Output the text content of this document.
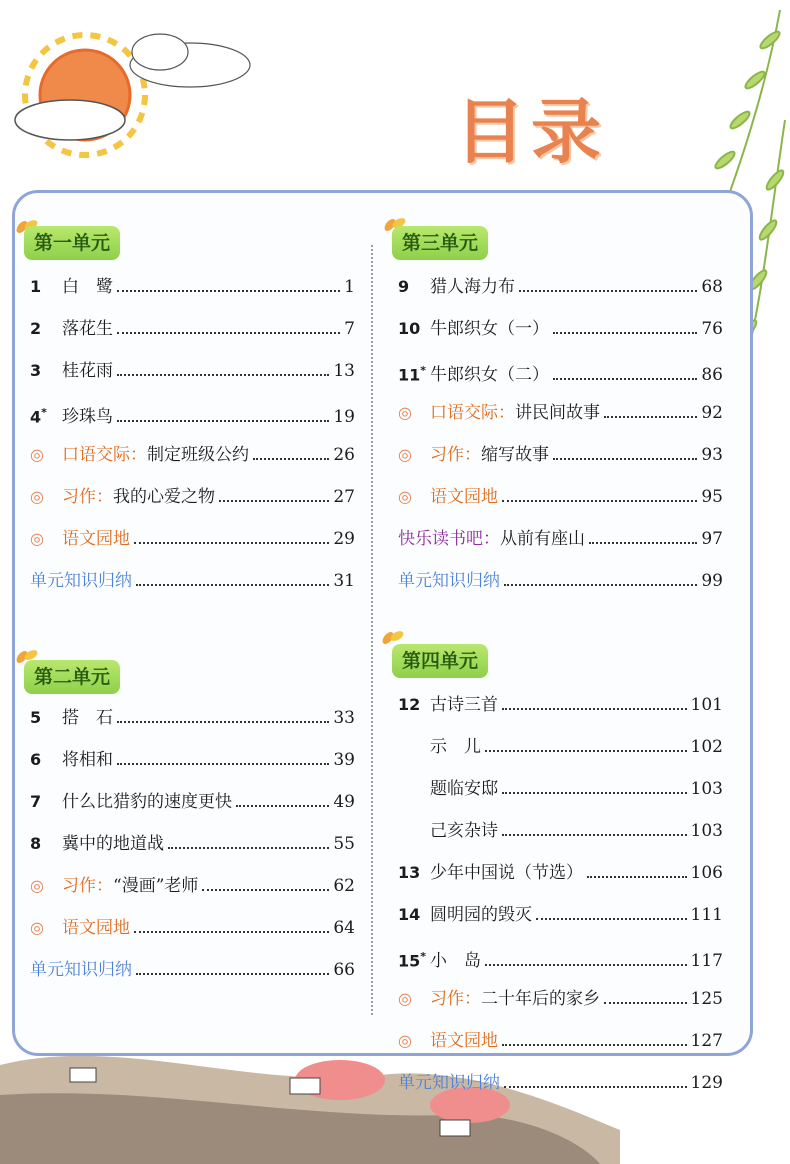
目录
第一单元
第二单元
第三单元
第四单元
1	白　鹭	1
2	落花生	7
3	桂花雨	13
4* 珍珠鸟	19
◎	口语交际： 制定班级公约	26
◎	习作： 我的心爱之物	27
◎	语文园地	29
单元知识归纳	31
5	搭　石	33
6	将相和	39
7	什么比猎豹的速度更快	49
8	冀中的地道战	55
◎	习作： “漫画”老师	62
◎	语文园地	64
单元知识归纳	66
9	猎人海力布	68
10 牛郎织女（一）	76
11* 牛郎织女（二）	86
◎	口语交际： 讲民间故事	92
◎	习作： 缩写故事	93
◎	语文园地	95
快乐读书吧： 从前有座山	97
单元知识归纳	99
12 古诗三首	101
示　儿	102
题临安邸	103
己亥杂诗	103
13 少年中国说（节选）	106
14 圆明园的毁灭	111
15* 小　岛	117
◎	习作： 二十年后的家乡	125
◎	语文园地	127
单元知识归纳	129
